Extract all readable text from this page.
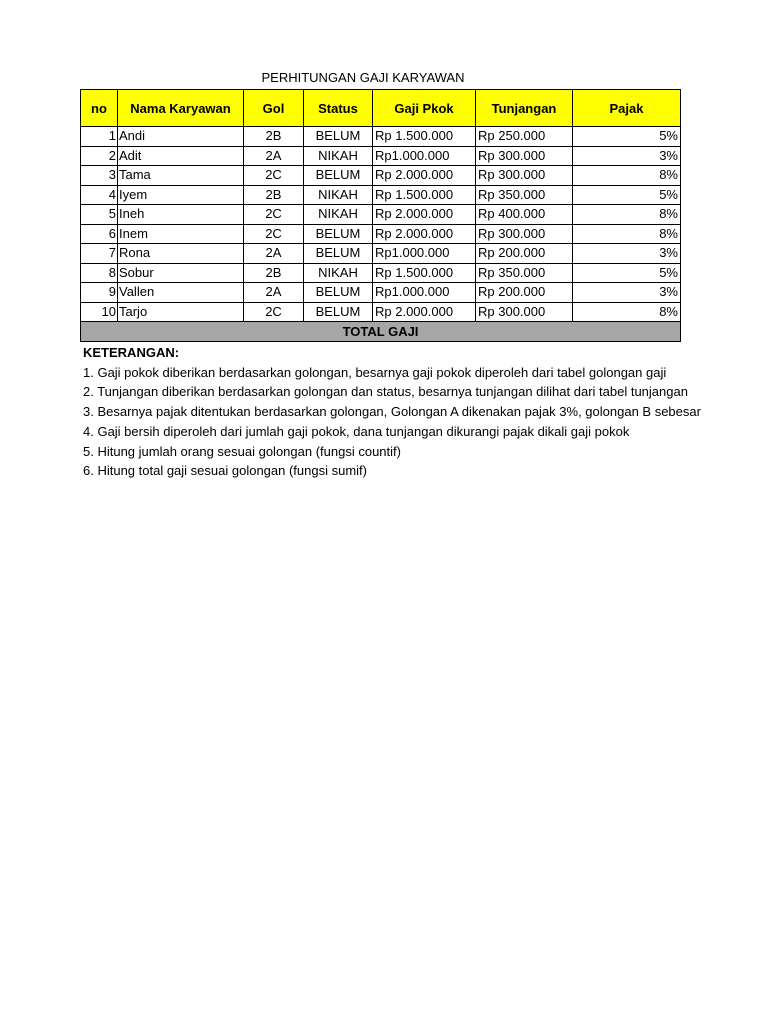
PERHITUNGAN GAJI KARYAWAN
no	Nama Karyawan	Gol	Status	Gaji Pkok	Tunjangan	Pajak
1	Andi	2B	BELUM	Rp 1.500.000	Rp 250.000	5%
2	Adit	2A	NIKAH	Rp1.000.000	Rp 300.000	3%
3	Tama	2C	BELUM	Rp 2.000.000	Rp 300.000	8%
4	Iyem	2B	NIKAH	Rp 1.500.000	Rp 350.000	5%
5	Ineh	2C	NIKAH	Rp 2.000.000	Rp 400.000	8%
6	Inem	2C	BELUM	Rp 2.000.000	Rp 300.000	8%
7	Rona	2A	BELUM	Rp1.000.000	Rp 200.000	3%
8	Sobur	2B	NIKAH	Rp 1.500.000	Rp 350.000	5%
9	Vallen	2A	BELUM	Rp1.000.000	Rp 200.000	3%
10	Tarjo	2C	BELUM	Rp 2.000.000	Rp 300.000	8%
TOTAL GAJI						
KETERANGAN:
1. Gaji pokok diberikan berdasarkan golongan, besarnya gaji pokok diperoleh dari tabel golongan gaji
2. Tunjangan diberikan berdasarkan golongan dan status, besarnya tunjangan dilihat dari tabel tunjangan
3. Besarnya pajak ditentukan berdasarkan golongan, Golongan A dikenakan pajak 3%, golongan B sebesar
4. Gaji bersih diperoleh dari jumlah gaji pokok, dana tunjangan dikurangi pajak dikali gaji pokok
5. Hitung jumlah orang sesuai golongan (fungsi countif)
6. Hitung total gaji sesuai golongan (fungsi sumif)
